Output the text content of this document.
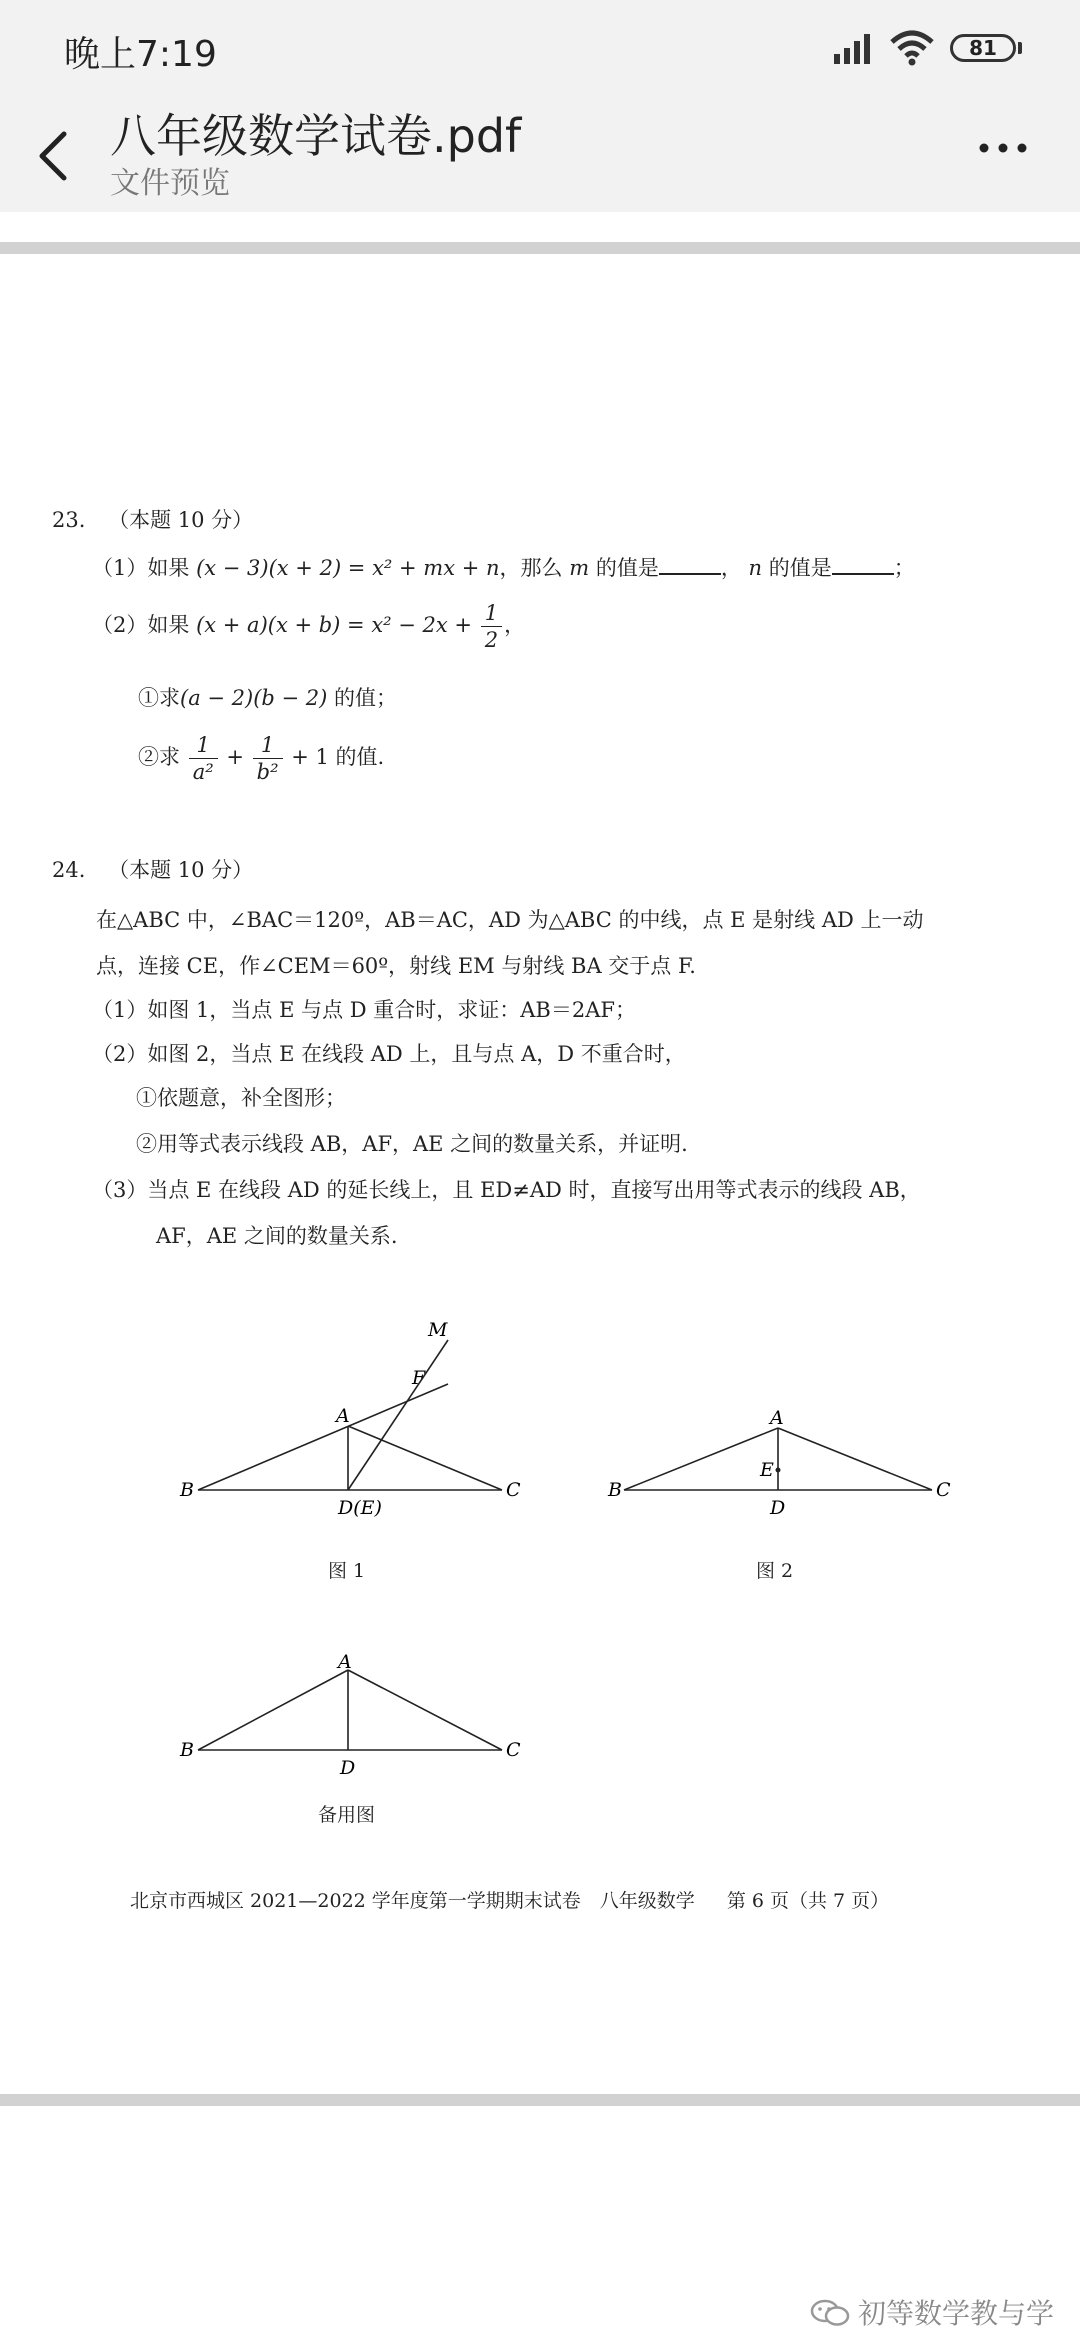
晚上7:19	81
八年级数学试卷.pdf
文件预览
23. （本题 10 分）
（1）如果 (x − 3)(x + 2) = x² + mx + n，那么 m 的值是	， n 的值是	；
（2）如果 $(x + a)(x + b) = x^2 - 2x + \frac{1}{2}$ ，
①求(a − 2)(b − 2) 的值；
②求 $\frac{1}{\text{a²}} + \frac{1}{\text{b²}} + 1$ 的值.
24. （本题 10 分）
在△ABC 中，∠BAC＝120º，AB＝AC，AD 为△ABC 的中线，点 E 是射线 AD 上一动
点，连接 CE，作∠CEM＝60º，射线 EM 与射线 BA 交于点 F.
（1）如图 1，当点 E 与点 D 重合时，求证：AB＝2AF；
（2）如图 2，当点 E 在线段 AD 上，且与点 A，D 不重合时，
①依题意，补全图形；
②用等式表示线段 AB，AF，AE 之间的数量关系，并证明.
（3）当点 E 在线段 AD 的延长线上，且 ED≠AD 时，直接写出用等式表示的线段 AB，
AF，AE 之间的数量关系.
M
F
A
B	C
D(E)
图 1
A
E
B	C
D
图 2
A
B	C
D
备用图
北京市西城区 2021—2022 学年度第一学期期末试卷　八年级数学 第 6 页（共 7 页）
初等数学教与学
